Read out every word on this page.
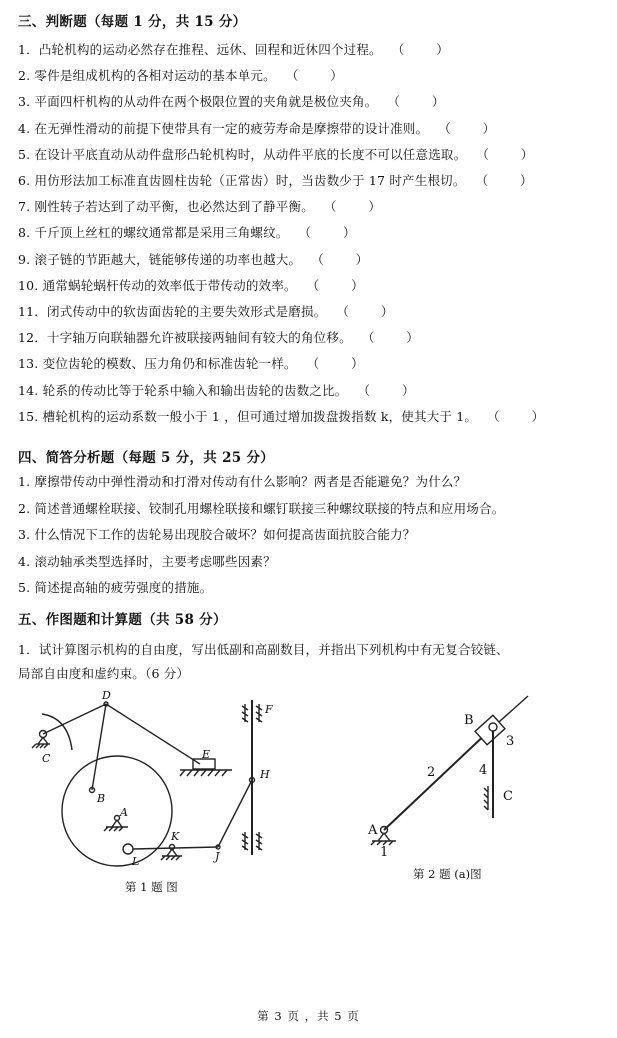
三、判断题（每题 1 分，共 15 分）
1．凸轮机构的运动必然存在推程、远休、回程和近休四个过程。 （ ）
2. 零件是组成机构的各相对运动的基本单元。 （ ）
3. 平面四杆机构的从动件在两个极限位置的夹角就是极位夹角。 （ ）
4. 在无弹性滑动的前提下使带具有一定的疲劳寿命是摩擦带的设计准则。 （ ）
5. 在设计平底直动从动件盘形凸轮机构时，从动件平底的长度不可以任意选取。 （ ）
6. 用仿形法加工标准直齿圆柱齿轮（正常齿）时，当齿数少于 17 时产生根切。 （ ）
7. 刚性转子若达到了动平衡，也必然达到了静平衡。 （ ）
8. 千斤顶上丝杠的螺纹通常都是采用三角螺纹。 （ ）
9. 滚子链的节距越大，链能够传递的功率也越大。 （ ）
10. 通常蜗轮蜗杆传动的效率低于带传动的效率。 （ ）
11．闭式传动中的软齿面齿轮的主要失效形式是磨损。 （ ）
12．十字轴万向联轴器允许被联接两轴间有较大的角位移。 （ ）
13. 变位齿轮的模数、压力角仍和标准齿轮一样。 （ ）
14. 轮系的传动比等于轮系中输入和输出齿轮的齿数之比。 （ ）
15. 槽轮机构的运动系数一般小于 1 ，但可通过增加拨盘拨指数 k，使其大于 1。 （ ）
四、简答分析题（每题 5 分，共 25 分）
1. 摩擦带传动中弹性滑动和打滑对传动有什么影响？两者是否能避免？为什么？
2. 简述普通螺栓联接、铰制孔用螺栓联接和螺钉联接三种螺纹联接的特点和应用场合。
3. 什么情况下工作的齿轮易出现胶合破坏？如何提高齿面抗胶合能力？
4. 滚动轴承类型选择时，主要考虑哪些因素？
5. 简述提高轴的疲劳强度的措施。
五、作图题和计算题（共 58 分）
1．试计算图示机构的自由度，写出低副和高副数目，并指出下列机构中有无复合铰链、
局部自由度和虚约束。（6 分）
D
C
B
A
E
F
H
K
L	J
第 1 题 图
B
3
2	4
C
A
1
第 2 题 (a)图
第 3 页 ，共 5 页
